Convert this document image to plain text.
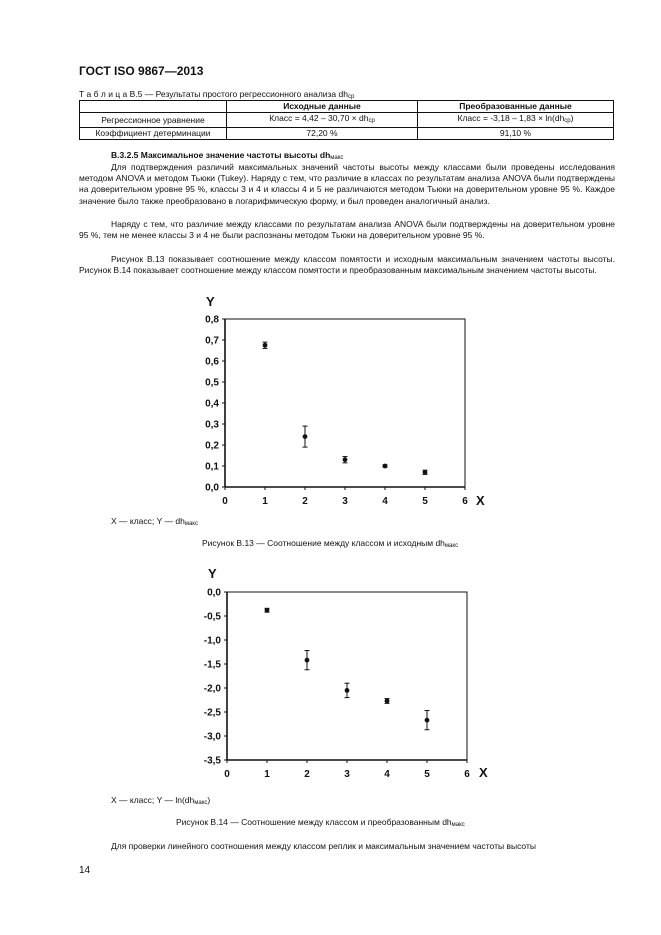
ГОСТ ISO 9867—2013
Т а б л и ц а В.5 — Результаты простого регрессионного анализа $dh_{ср}$
	Исходные данные	Преобразованные данные
Регрессионное уравнение	Класс = $4,42 - 30,70 \times dh_{ср}$	Класс = $-3,18 - 1,83 \times \ln(dh_{ср})$
Коэффициент детерминации	72,20 %	91,10 %
В.3.2.5 Максимальное значение частоты высоты $dh_{макс}$
Для подтверждения различий максимальных значений частоты высоты между классами были проведены исследования методом ANOVA и методом Тьюки (Tukey). Наряду с тем, что различие в классах по результатам анализа ANOVA были подтверждены на доверительном уровне 95 %, классы 3 и 4 и классы 4 и 5 не различаются методом Тьюки на доверительном уровне 95 %. Каждое значение было также преобразовано в логарифмическую форму, и был проведен аналогичный анализ.
Наряду с тем, что различие между классами по результатам анализа ANOVA были подтверждены на доверительном уровне 95 %, тем не менее классы 3 и 4 не были распознаны методом Тьюки на доверительном уровне 95 %.
Рисунок В.13 показывает соотношение между классом помятости и исходным максимальным значением частоты высоты. Рисунок В.14 показывает соотношение между классом помятости и преобразованным максимальным значением частоты высоты.
0,0
0,1
0,2
0,3
0,4
0,5
0,6
0,7
0,8
0	1	2	3	4	5	6
0,0
-0,5
-1,0
-1,5
-2,0
-2,5
-3,0
-3,5
0	1	2	3	4	5	6
Y
X
X — класс; Y — $dh_{макс}$
Рисунок В.13 — Соотношение между классом и исходным $dh_{макс}$
Y
X
X — класс; Y — $\ln(dh_{макс})$
Рисунок В.14 — Соотношение между классом и преобразованным $dh_{макс}$
Для проверки линейного соотношения между классом реплик и максимальным значением частоты высоты
14
